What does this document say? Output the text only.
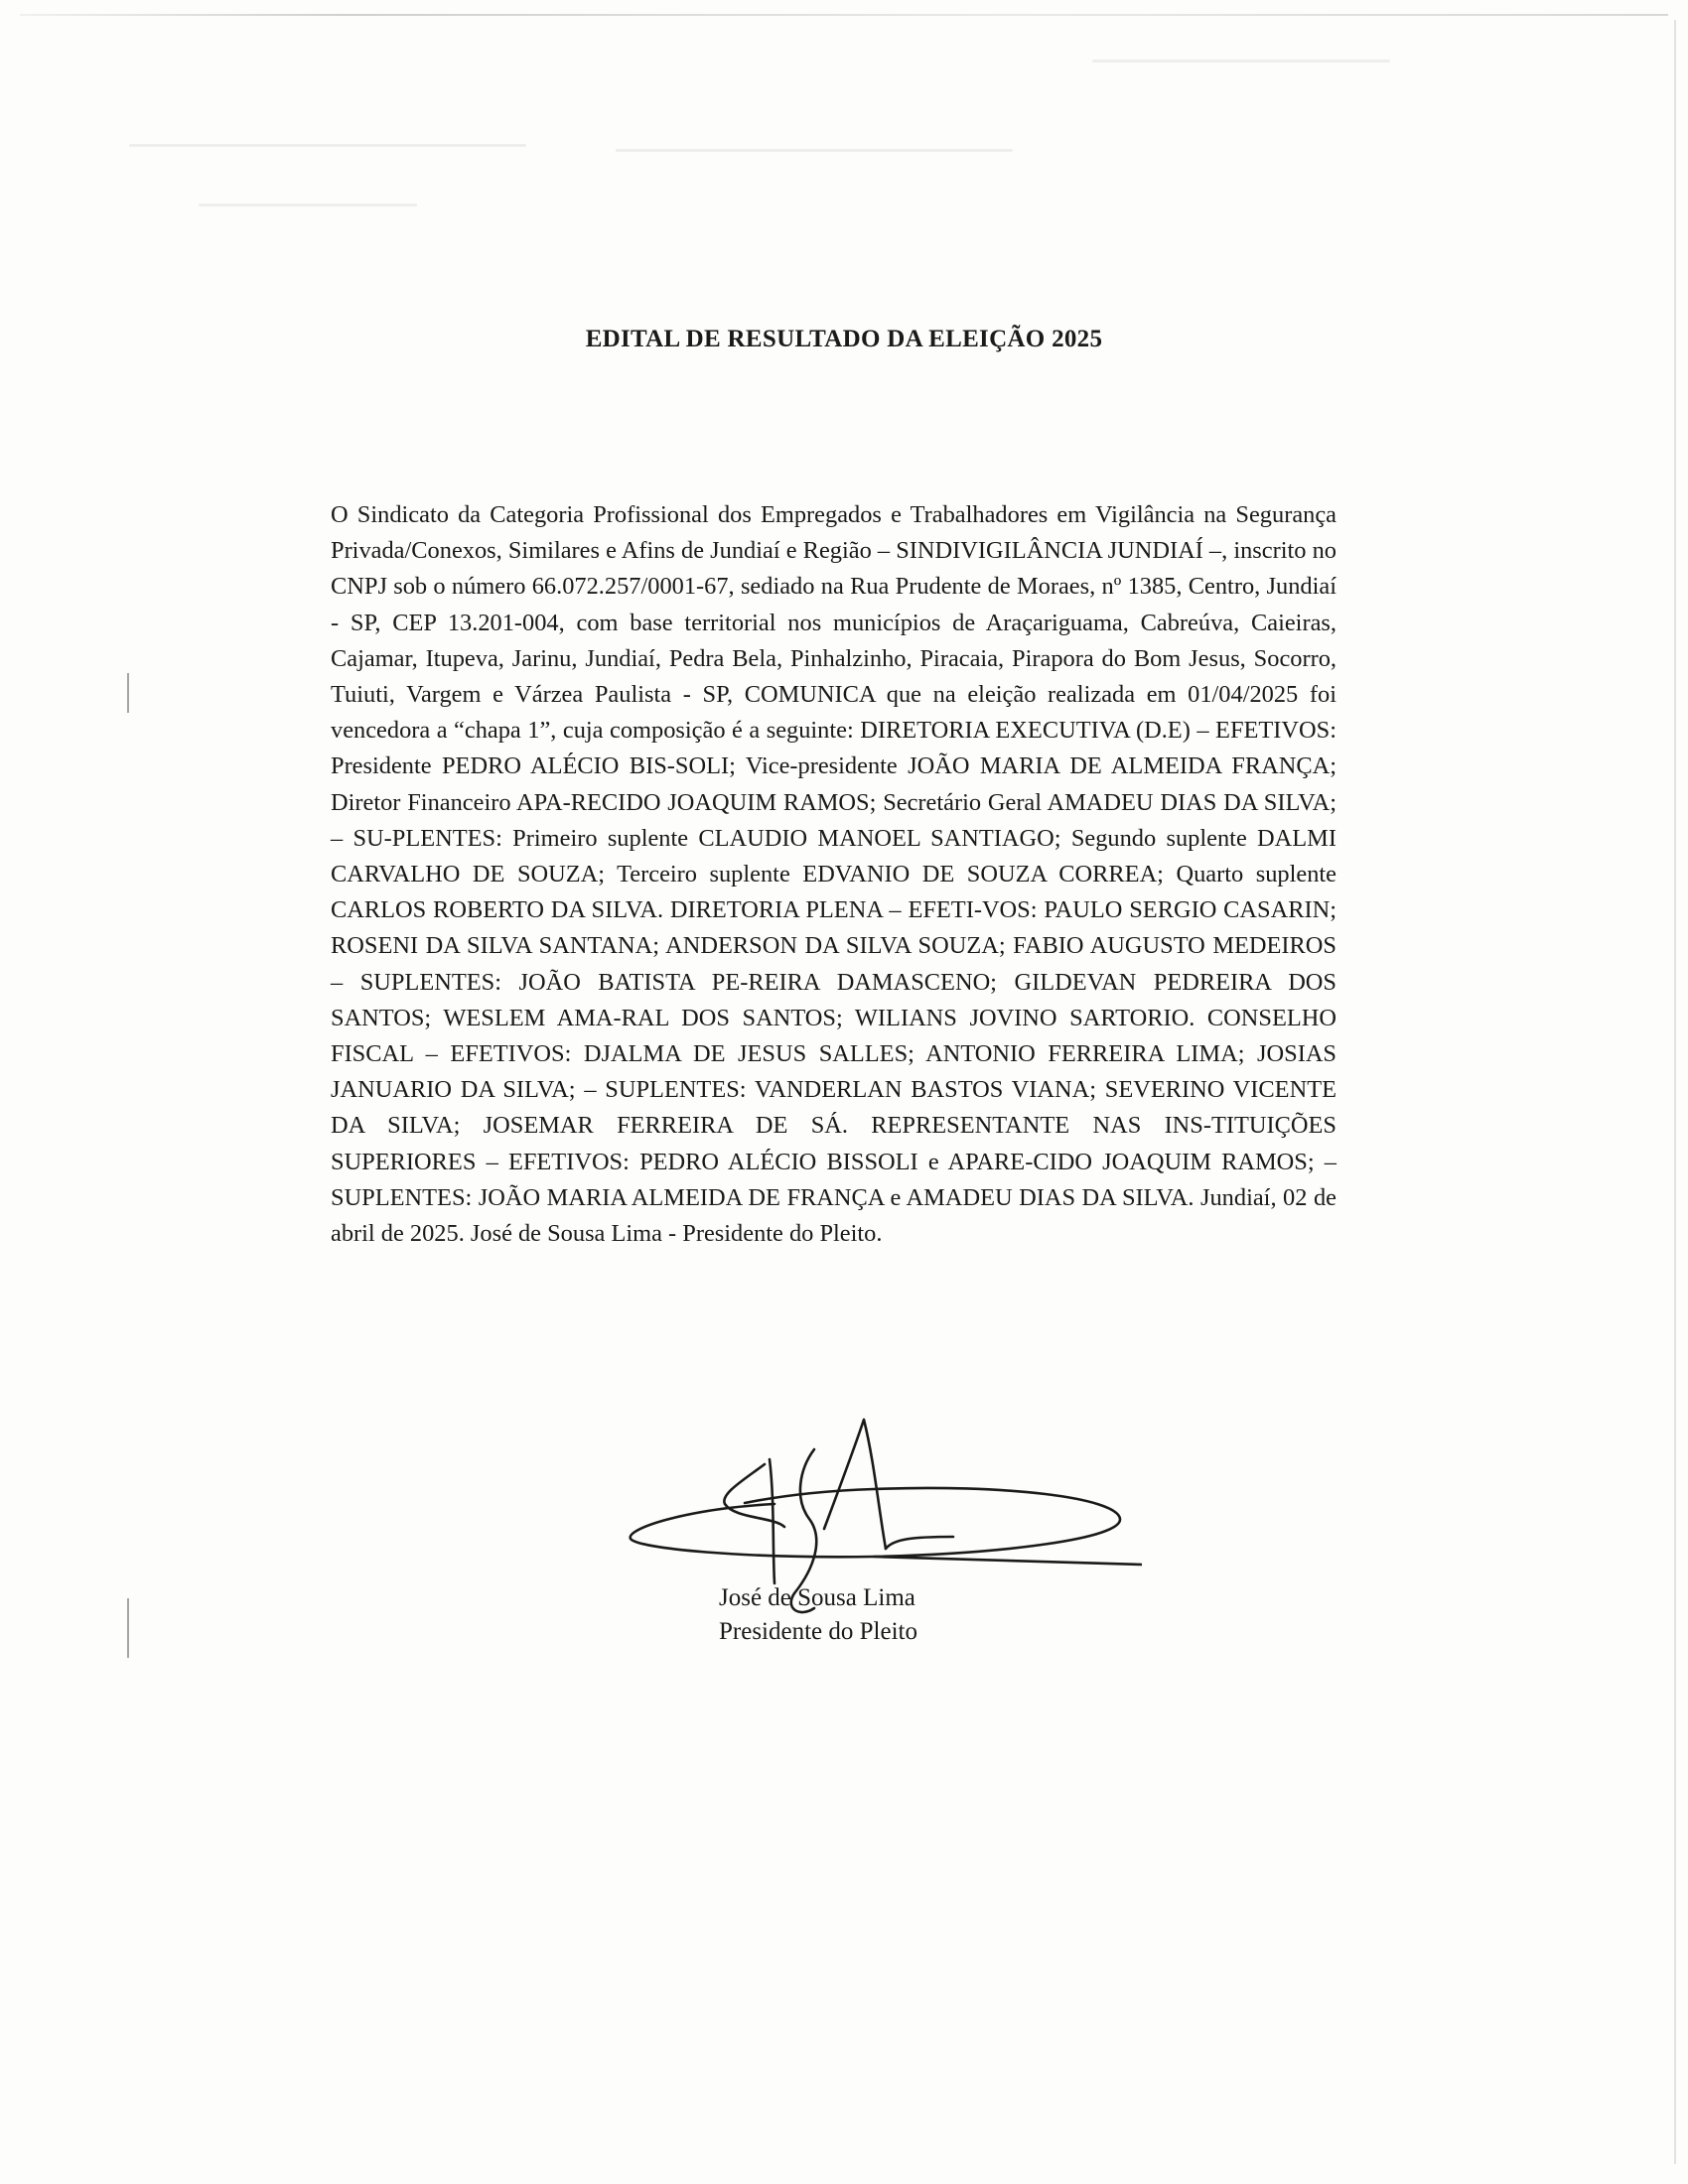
EDITAL DE RESULTADO DA ELEIÇÃO 2025

O Sindicato da Categoria Profissional dos Empregados e Trabalhadores em Vigilância na Segurança Privada/Conexos, Similares e Afins de Jundiaí e Região – SINDIVIGILÂNCIA JUNDIAÍ –, inscrito no CNPJ sob o número 66.072.257/0001-67, sediado na Rua Prudente de Moraes, nº 1385, Centro, Jundiaí - SP, CEP 13.201-004, com base territorial nos municípios de Araçariguama, Cabreúva, Caieiras, Cajamar, Itupeva, Jarinu, Jundiaí, Pedra Bela, Pinhalzinho, Piracaia, Pirapora do Bom Jesus, Socorro, Tuiuti, Vargem e Várzea Paulista - SP, COMUNICA que na eleição realizada em 01/04/2025 foi vencedora a “chapa 1”, cuja composição é a seguinte: DIRETORIA EXECUTIVA (D.E) – EFETIVOS: Presidente PEDRO ALÉCIO BIS-SOLI; Vice-presidente JOÃO MARIA DE ALMEIDA FRANÇA; Diretor Financeiro APA-RECIDO JOAQUIM RAMOS; Secretário Geral AMADEU DIAS DA SILVA; – SU-PLENTES: Primeiro suplente CLAUDIO MANOEL SANTIAGO; Segundo suplente DALMI CARVALHO DE SOUZA; Terceiro suplente EDVANIO DE SOUZA CORREA; Quarto suplente CARLOS ROBERTO DA SILVA. DIRETORIA PLENA – EFETI-VOS: PAULO SERGIO CASARIN; ROSENI DA SILVA SANTANA; ANDERSON DA SILVA SOUZA; FABIO AUGUSTO MEDEIROS – SUPLENTES: JOÃO BATISTA PE-REIRA DAMASCENO; GILDEVAN PEDREIRA DOS SANTOS; WESLEM AMA-RAL DOS SANTOS; WILIANS JOVINO SARTORIO. CONSELHO FISCAL – EFETIVOS: DJALMA DE JESUS SALLES; ANTONIO FERREIRA LIMA; JOSIAS JANUARIO DA SILVA; – SUPLENTES: VANDERLAN BASTOS VIANA; SEVERINO VICENTE DA SILVA; JOSEMAR FERREIRA DE SÁ. REPRESENTANTE NAS INS-TITUIÇÕES SUPERIORES – EFETIVOS: PEDRO ALÉCIO BISSOLI e APARE-CIDO JOAQUIM RAMOS; – SUPLENTES: JOÃO MARIA ALMEIDA DE FRANÇA e AMADEU DIAS DA SILVA. Jundiaí, 02 de abril de 2025. José de Sousa Lima - Presidente do Pleito.

José de Sousa Lima
Presidente do Pleito
